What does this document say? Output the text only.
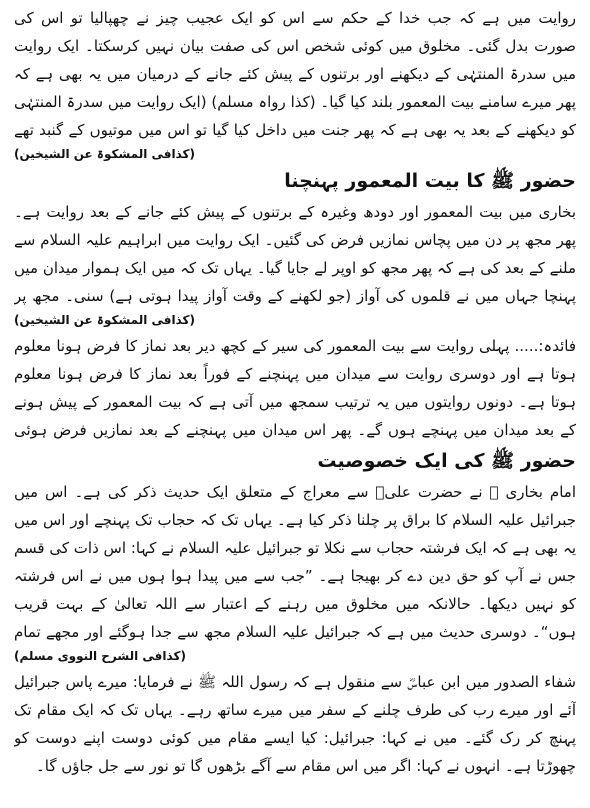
روایت میں ہے کہ جب خدا کے حکم سے اس کو ایک عجیب چیز نے چھپالیا تو اس کی صورت بدل گئی۔ مخلوق میں کوئی شخص اس کی صفت بیان نہیں کرسکتا۔ ایک روایت میں سدرۃ المنتہٰی کے دیکھنے اور برتنوں کے پیش کئے جانے کے درمیان میں یہ بھی ہے کہ پھر میرے سامنے بیت المعمور بلند کیا گیا۔ (کذا رواہ مسلم) (ایک روایت میں سدرۃ المنتہٰی کو دیکھنے کے بعد یہ بھی ہے کہ پھر جنت میں داخل کیا گیا تو اس میں موتیوں کے گنبد تھے

(کذافی المشکوۃ عن الشیخین)
حضور ﷺ کا بیت المعمور پہنچنا

بخاری میں بیت المعمور اور دودھ وغیرہ کے برتنوں کے پیش کئے جانے کے بعد روایت ہے۔ پھر مجھ پر دن میں پچاس نمازیں فرض کی گئیں۔ ایک روایت میں ابراہیم علیہ السلام سے ملنے کے بعد کی ہے کہ پھر مجھ کو اوپر لے جایا گیا۔ یہاں تک کہ میں ایک ہموار میدان میں پہنچا جہاں میں نے قلموں کی آواز (جو لکھنے کے وقت آواز پیدا ہوتی ہے) سنی۔ مجھ پر

(کذافی المشکوۃ عن الشیخین)

فائدہ:..... پہلی روایت سے بیت المعمور کی سیر کے کچھ دیر بعد نماز کا فرض ہونا معلوم ہوتا ہے اور دوسری روایت سے میدان میں پہنچنے کے فوراً بعد نماز کا فرض ہونا معلوم ہوتا ہے۔ دونوں روایتوں میں یہ ترتیب سمجھ میں آتی ہے کہ بیت المعمور کے پیش ہونے کے بعد میدان میں پہنچے ہوں گے۔ پھر اس میدان میں پہنچنے کے بعد نمازیں فرض ہوئی

حضور ﷺ کی ایک خصوصیت

امام بخاری ﷺ نے حضرت علیؓ سے معراج کے متعلق ایک حدیث ذکر کی ہے۔ اس میں جبرائیل علیہ السلام کا براق پر چلنا ذکر کیا ہے۔ یہاں تک کہ حجاب تک پہنچے اور اس میں یہ بھی ہے کہ ایک فرشتہ حجاب سے نکلا تو جبرائیل علیہ السلام نے کہا: اس ذات کی قسم جس نے آپ کو حق دین دے کر بھیجا ہے۔ ”جب سے میں پیدا ہوا ہوں میں نے اس فرشتہ کو نہیں دیکھا۔ حالانکہ میں مخلوق میں رہنے کے اعتبار سے اللہ تعالیٰ کے بہت قریب ہوں“۔ دوسری حدیث میں ہے کہ جبرائیل علیہ السلام مجھ سے جدا ہوگئے اور مجھے تمام

(کذافی الشرح النووی مسلم)

شفاء الصدور میں ابن عباسؓ سے منقول ہے کہ رسول اللہ ﷺ نے فرمایا: میرے پاس جبرائیل آئے اور میرے رب کی طرف چلنے کے سفر میں میرے ساتھ رہے۔ یہاں تک کہ ایک مقام تک پہنچ کر رک گئے۔ میں نے کہا: جبرائیل: کیا ایسے مقام میں کوئی دوست اپنے دوست کو چھوڑتا ہے۔ انہوں نے کہا: اگر میں اس مقام سے آگے بڑھوں گا تو نور سے جل جاؤں گا۔
